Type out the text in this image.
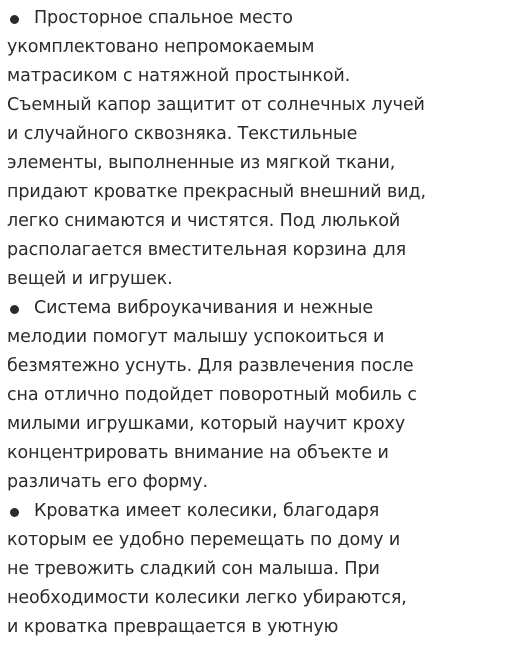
Просторное спальное место
укомплектовано непромокаемым
матрасиком с натяжной простынкой.
Съемный капор защитит от солнечных лучей
и случайного сквозняка. Текстильные
элементы, выполненные из мягкой ткани,
придают кроватке прекрасный внешний вид,
легко снимаются и чистятся. Под люлькой
располагается вместительная корзина для
вещей и игрушек.
Система виброукачивания и нежные
мелодии помогут малышу успокоиться и
безмятежно уснуть. Для развлечения после
сна отлично подойдет поворотный мобиль с
милыми игрушками, который научит кроху
концентрировать внимание на объекте и
различать его форму.
Кроватка имеет колесики, благодаря
которым ее удобно перемещать по дому и
не тревожить сладкий сон малыша. При
необходимости колесики легко убираются,
и кроватка превращается в уютную
